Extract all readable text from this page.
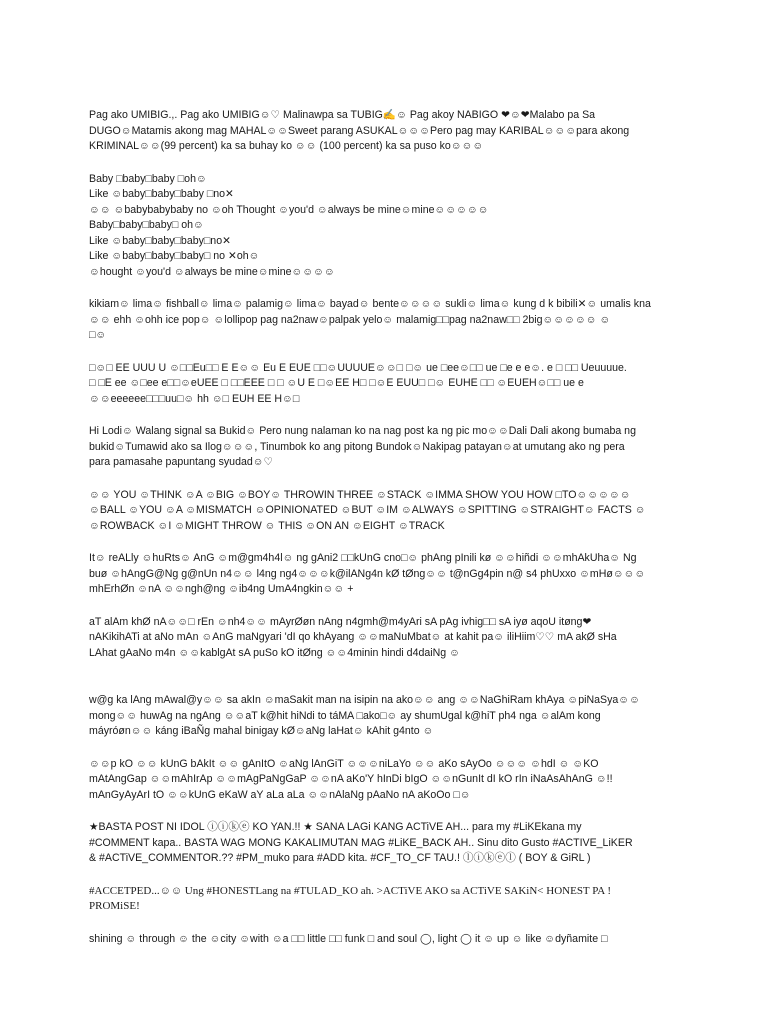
Pag ako UMIBIG.,. Pag ako UMIBIG☺♡ Malinawpa sa TUBIG✍☺ Pag akoy NABIGO ❤☺❤Malabo pa Sa
DUGO☺Matamis akong mag MAHAL☺☺Sweet parang ASUKAL☺☺☺Pero pag may KARIBAL☺☺☺para akong
KRIMINAL☺☺(99 percent) ka sa buhay ko ☺☺ (100 percent) ka sa puso ko☺☺☺
Baby □baby□baby □oh☺
Like ☺baby□baby□baby □no✕
☺☺ ☺babybabybaby no ☺oh Thought ☺you'd ☺always be mine☺mine☺☺☺☺☺
Baby□baby□baby□ oh☺
Like ☺baby□baby□baby□no✕
Like ☺baby□baby□baby□ no ✕oh☺
☺hought ☺you'd ☺always be mine☺mine☺☺☺☺
kikiam☺ lima☺ fishball☺ lima☺ palamig☺ lima☺ bayad☺ bente☺☺☺☺ sukli☺ lima☺ kung d k bibili✕☺ umalis kna
☺☺ ehh ☺ohh ice pop☺ ☺lollipop pag na2naw☺palpak yelo☺ malamig□□pag na2naw□□ 2big☺☺☺☺☺ ☺
□☺
□☺□ EE UUU U ☺□□Eu□□ E E☺☺ Eu E EUE □□☺UUUUE☺☺□ □☺ ue □ee☺□□ ue □e e e☺. e □ □□ Ueuuuue.
□ □E ee ☺□ee e□□☺eUEE □ □□EEE □ □ ☺U E □☺EE H□ □☺E EUU□ □☺ EUHE □□ ☺EUEH☺□□ ue e
☺☺eeeeee□□□uu□☺ hh ☺□ EUH EE H☺□
Hi Lodi☺ Walang signal sa Bukid☺ Pero nung nalaman ko na nag post ka ng pic mo☺☺Dali Dali akong bumaba ng
bukid☺Tumawid ako sa Ilog☺☺☺, Tinumbok ko ang pitong Bundok☺Nakipag patayan☺at umutang ako ng pera
para pamasahe papuntang syudad☺♡
☺☺ YOU ☺THINK ☺A ☺BIG ☺BOY☺ THROWIN THREE ☺STACK ☺IMMA SHOW YOU HOW □TO☺☺☺☺☺
☺BALL ☺YOU ☺A ☺MISMATCH ☺OPINIONATED ☺BUT ☺IM ☺ALWAYS ☺SPITTING ☺STRAIGHT☺ FACTS ☺
☺ROWBACK ☺I ☺MIGHT THROW ☺ THIS ☺ON AN ☺EIGHT ☺TRACK
It☺ reALly ☺huRts☺ AnG ☺m@gm4h4l☺ ng gAni2 □□kUnG cno□☺ phAng pInili kø ☺☺hiñdi ☺☺mhAkUha☺ Ng
buø ☺hAngG@Ng g@nUn n4☺☺ l4ng ng4☺☺☺k@ilANg4n kØ tØng☺☺ t@nGg4pin n@ s4 phUxxo ☺mHø☺☺☺
mhErhØn ☺nA ☺☺ngh@ng ☺ib4ng UmA4ngkin☺☺ +
aT alAm khØ nA☺☺□ rEn ☺nh4☺☺ mAyrØøn nAng n4gmh@m4yAri sA pAg ivhig□□ sA iyø aqoU itøng❤
nAKikihATi at aNo mAn ☺AnG maNgyari 'dI qo khAyang ☺☺maNuMbat☺ at kahit pa☺ iliHiim♡♡ mA akØ sHa
LAhat gAaNo m4n ☺☺kablgAt sA puSo kO itØng ☺☺4minin hindi d4daiNg ☺
w@g ka lAng mAwal@y☺☺ sa akIn ☺maSakit man na isipin na ako☺☺ ang ☺☺NaGhiRam khAya ☺piNaSya☺☺
mong☺☺ huwAg na ngAng ☺☺aT k@hit hiNdi to táMA □ako□☺ ay shumUgal k@hiT ph4 nga ☺alAm kong
máyróøn☺☺ káng iBaÑg mahal binigay kØ☺aNg laHat☺ kAhit g4nto ☺
☺☺p kO ☺☺ kUnG bAkIt ☺☺ gAnItO ☺aNg lAnGiT ☺☺☺niLaYo ☺☺ aKo sAyOo ☺☺☺ ☺hdI ☺ ☺KO
mAtAngGap ☺☺mAhIrAp ☺☺mAgPaNgGaP ☺☺nA aKo'Y hInDi bIgO ☺☺nGunIt dI kO rIn iNaAsAhAnG ☺!!
mAnGyAyArI tO ☺☺kUnG eKaW aY aLa aLa ☺☺nAlaNg pAaNo nA aKoOo □☺
★BASTA POST NI IDOL ⓘⓘⓚⓔ KO YAN.!! ★ SANA LAGi KANG ACTiVE AH... para my #LiKEkana my
#COMMENT kapa.. BASTA WAG MONG KAKALIMUTAN MAG #LiKE_BACK AH.. Sinu dito Gusto #ACTIVE_LiKER
& #ACTiVE_COMMENTOR.?? #PM_muko para #ADD kita. #CF_TO_CF TAU.! ⓛⓘⓚⓔⓛ ( BOY & GiRL )
#ACCETPED...☺☺ Ung #HONESTLang na #TULAD_KO ah. >ACTiVE AKO sa ACTiVE SAKiN< HONEST PA !
PROMiSE!
shining ☺ through ☺ the ☺city ☺with ☺a □□ little □□ funk □ and soul ◯, light ◯ it ☺ up ☺ like ☺dyñamite □
